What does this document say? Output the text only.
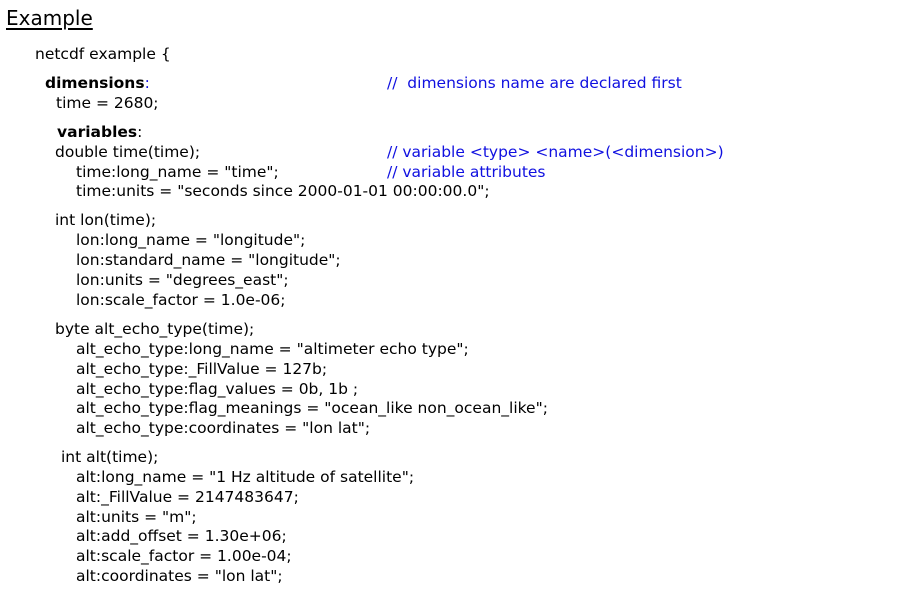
Example
netcdf example {
dimensions:	//  dimensions name are declared first
time = 2680;
variables:
double time(time);	// variable <type> <name>(<dimension>)
time:long_name = "time";	// variable attributes
time:units = "seconds since 2000-01-01 00:00:00.0";
int lon(time);
lon:long_name = "longitude";
lon:standard_name = "longitude";
lon:units = "degrees_east";
lon:scale_factor = 1.0e-06;
byte alt_echo_type(time);
alt_echo_type:long_name = "altimeter echo type";
alt_echo_type:_FillValue = 127b;
alt_echo_type:flag_values = 0b, 1b ;
alt_echo_type:flag_meanings = "ocean_like non_ocean_like";
alt_echo_type:coordinates = "lon lat";
int alt(time);
alt:long_name = "1 Hz altitude of satellite";
alt:_FillValue = 2147483647;
alt:units = "m";
alt:add_offset = 1.30e+06;
alt:scale_factor = 1.00e-04;
alt:coordinates = "lon lat";
